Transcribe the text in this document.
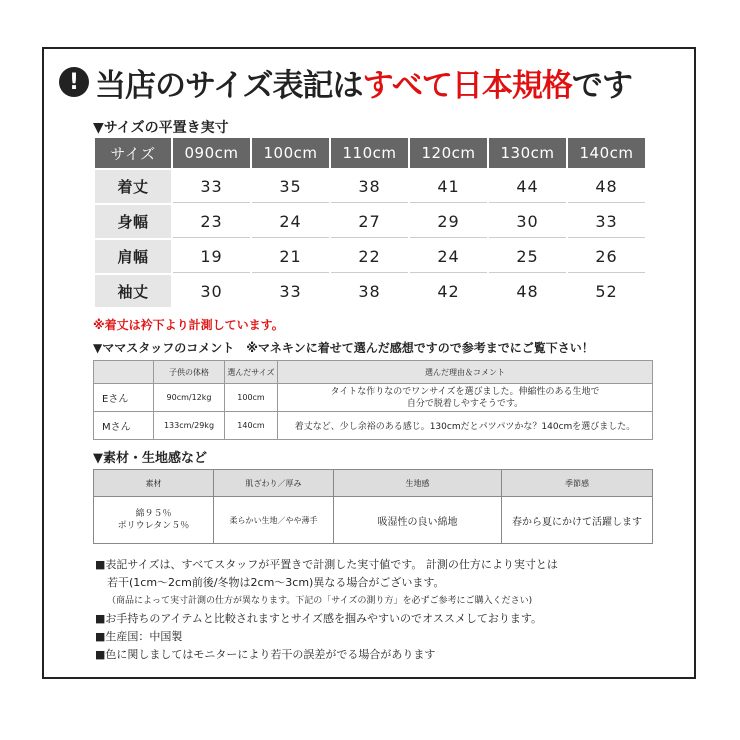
! 当店のサイズ表記は すべて日本規格 です
▼サイズの平置き実寸
サイズ	090cm	100cm	110cm	120cm	130cm	140cm
着丈	33	35	38	41	44	48
身幅	23	24	27	29	30	33
肩幅	19	21	22	24	25	26
袖丈	30	33	38	42	48	52
※着丈は衿下より計測しています。
▼ママスタッフのコメント　※マネキンに着せて選んだ感想ですので参考までにご覧下さい！
	子供の体格	選んだサイズ	選んだ理由＆コメント
Eさん	90cm/12kg	100cm	タイトな作りなのでワンサイズを選びました。伸縮性のある生地で
自分で脱着しやすそうです。
Mさん	133cm/29kg	140cm	着丈など、少し余裕のある感じ。130cmだとパツパツかな？140cmを選びました。
▼素材・生地感など
素材	肌ざわり／厚み	生地感	季節感
綿９５％
ポリウレタン５％	柔らかい生地／やや薄手	吸湿性の良い綿地	春から夏にかけて活躍します
■表記サイズは、すべてスタッフが平置きで計測した実寸値です。 計測の仕方により実寸とは
若干(1cm〜2cm前後/冬物は2cm〜3cm)異なる場合がございます。
（商品によって実寸計測の仕方が異なります。下記の「サイズの測り方」を必ずご参考にご購入ください)
■お手持ちのアイテムと比較されますとサイズ感を掴みやすいのでオススメしております。
■生産国：中国製
■色に関しましてはモニターにより若干の誤差がでる場合があります
